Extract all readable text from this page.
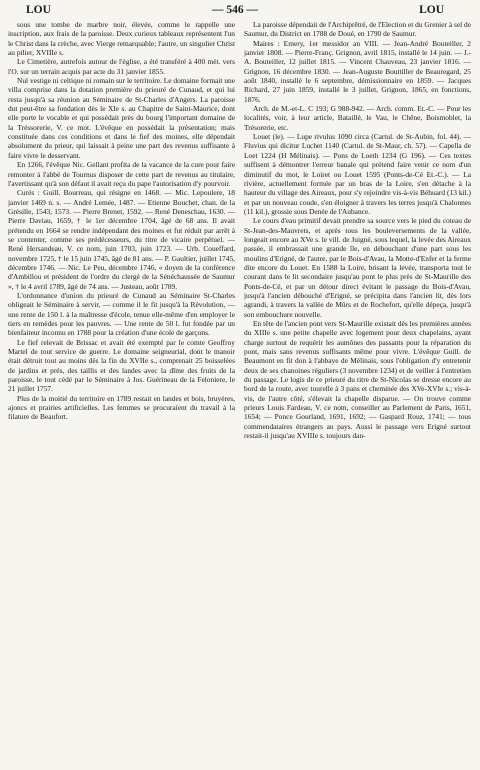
LOU	— 546 —	LOU

sous une tombe de marbre noir, élevée, comme le rappelle une inscription, aux frais de la paroisse. Deux curieux tableaux représentent l'un le Christ dans la crèche, avec Vierge remarquable; l'autre, un singulier Christ au pilier, XVIIIe s.

Le Cimetière, autrefois autour de l'église, a été transféré à 400 mèt. vers l'O. sur un terrain acquis par acte du 31 janvier 1855.

Nul vestige ni celtique ni romain sur le territoire. Le domaine formait une villa comprise dans la dotation première du prieuré de Cunaud, et qui lui resta jusqu'à sa réunion au Séminaire de St-Charles d'Angers. La paroisse dut peut-être sa fondation dès le XIe s. au Chapitre de Saint-Maurice, dont elle porte le vocable et qui possédait près du bourg l'important domaine de la Tréssorerie, V. ce mot. L'évêque en possédait la présentation; mais constituée dans ces conditions et dans le fief des moines, elle dépendait absolument du prieur, qui laissait à peine une part des revenus suffisante à faire vivre le desservant.

En 1266, l'évêque Nic. Gellant profita de la vacance de la cure pour faire remonter à l'abbé de Tournus disposer de cette part de revenus au titulaire, l'avertissant qu'à son défaut il avait reçu du pape l'autorisation d'y pourvoir.

Curés : Guill. Bourreau, qui résigne en 1468. — Mic. Lepoulere, 18 janvier 1469 n. s. — André Lemée, 1487. — Etienne Bouchet, chan. de la Grésille, 1543, 1573. — Pierre Brenet, 1592. — René Deneschau, 1630. — Pierre Daviau, 1659, † le 1er décembre 1704, âgé de 68 ans. Il avait prétendu en 1664 se rendre indépendant des moines et fut réduit par arrêt à se contenter, comme ses prédécesseurs, du titre de vicaire perpétuel. — René Hersandeau, V. ce nom, juin 1703, juin 1723. — Urb. Coueffard, novembre 1725, † le 15 juin 1745, âgé de 81 ans. — P. Gaultier, juillet 1745, décembre 1746. — Nic. Le Peu, décembre 1746, « doyen de la conférence d'Ambillou et président de l'ordre du clergé de la Sénéchaussée de Saumur », † le 4 avril 1789, âgé de 74 ans. — Justeau, août 1789.

L'ordonnance d'union du prieuré de Cunaud au Séminaire St-Charles obligeait le Séminaire à servir, — comme il le fit jusqu'à la Révolution, — une rente de 150 l. à la maîtresse d'école, tenue elle-même d'en employer le tiers en remèdes pour les pauvres. — Une rente de 50 l. fut fondée par un bienfaiteur inconnu en 1788 pour la création d'une école de garçons.

Le fief relevait de Brissac et avait été exempté par le comte Geoffroy Martel de tout service de guerre. Le domaine seigneurial, dont le manoir était détruit tout au moins dès la fin du XVIIe s., comprenait 25 boisselées de jardins et prés, des taillis et des landes avec la dîme des fruits de la paroisse, le tout cédé par le Séminaire à Jos. Guérineau de la Feloniere, le 21 juillet 1757.

Plus de la moitié du territoire en 1789 restait en landes et bois, bruyères, ajoncs et prairies artificielles. Les femmes se procuraient du travail à la filature de Beaufort.

La paroisse dépendait de l'Archiprêtré, de l'Election et du Grenier à sel de Saumur, du District en 1788 de Doué, en 1790 de Saumur.

Maires : Emery, 1er messidor an VIII. — Jean-André Bouteiller, 2 janvier 1808. — Pierre-Franç. Grignon, avril 1815, installé le 14 juin. — J.-A. Bouteiller, 12 juillet 1815. — Vincent Chauveau, 23 janvier 1816. — Grignon, 16 décembre 1830. — Jean-Auguste Bouttiller de Beauregard, 25 août 1840, installé le 6 septembre, démissionnaire en 1859. — Jacques Richard, 27 juin 1859, installé le 3 juillet, Grignon, 1865, en fonctions, 1876.

Arch. de M.-et-L. C 193; G 988-942. — Arch. comm. Et.-C. — Pour les localités, voir, à leur article, Bataillé, le Vau, le Chêne, Boismoblet, la Trésorerie, etc.

Louet (le). — Lupe rivulus 1090 circa (Cartul. de St-Aubin, fol. 44). — Fluvius qui dicitur Luchet 1140 (Cartul. de St-Maur, ch. 57). — Capella de Loet 1224 (H Mélinais). — Pons de Loeth 1234 (G 196). — Ces textes suffisent à démontrer l'erreur banale qui prétend faire venir ce nom d'un diminutif du mot, le Loiret ou Louet 1595 (Ponts-de-Cé Et.-C.). — La rivière, actuellement formée par un bras de la Loire, s'en détache à la hauteur du village des Aireaux, pour s'y rejoindre vis-à-vis Béhuard (13 kil.) et par un nouveau coude, s'en éloigner à travers les terres jusqu'à Chalonnes (11 kil.), grossie sous Denée de l'Aubance.

Le cours d'eau primitif devait prendre sa source vers le pied du coteau de St-Jean-des-Mauvrets, et après tous les bouleversements de la vallée, longeait encore au XVe s. le vill. de Juigné, sous lequel, la levée des Aireaux passée, il embrassait une grande île, en débouchant d'une part sous les moulins d'Erigné, de l'autre, par le Bois-d'Avau, la Motte-d'Enfer et la ferme dite encore du Louet. En 1588 la Loire, brisant la levée, transporta tout le courant dans le lit secondaire jusqu'au pont le plus près de St-Maurille des Ponts-de-Cé, et par un détour direct évitant le passage du Bois-d'Avau, jusqu'à l'ancien débouché d'Erigné, se précipita dans l'ancien lit, dès lors agrandi, à travers la vallée de Mûrs et de Rochefort, qu'elle dépeça, jusqu'à son embouchure nouvelle.

En tête de l'ancien pont vers St-Maurille existait dès les premières années du XIIIe s. une petite chapelle avec logement pour deux chapelains, ayant charge surtout de requérir les aumônes des passants pour la réparation du pont, mais sans revenus suffisants même pour vivre. L'évêque Guill. de Beaumont en fit don à l'abbaye de Mélinais, sous l'obligation d'y entretenir deux de ses chanoines réguliers (3 novembre 1234) et de veiller à l'entretien du passage. Le logis de ce prieuré du titre de St-Nicolas se dresse encore au bord de la route, avec tourelle à 3 pans et cheminée des XVe-XVIe s.; vis-à-vis, de l'autre côté, s'élevait la chapelle disparue. — On trouve comme prieurs Louis Fardeau, V. ce nom, conseiller au Parlement de Paris, 1651, 1654; — Ponce Gourland, 1691, 1692; — Gaspard Rouz, 1741; — tous commendataires étrangers au pays. Aussi le passage vers Erigné surtout restait-il jusqu'au XVIIIe s. toujours dan-
